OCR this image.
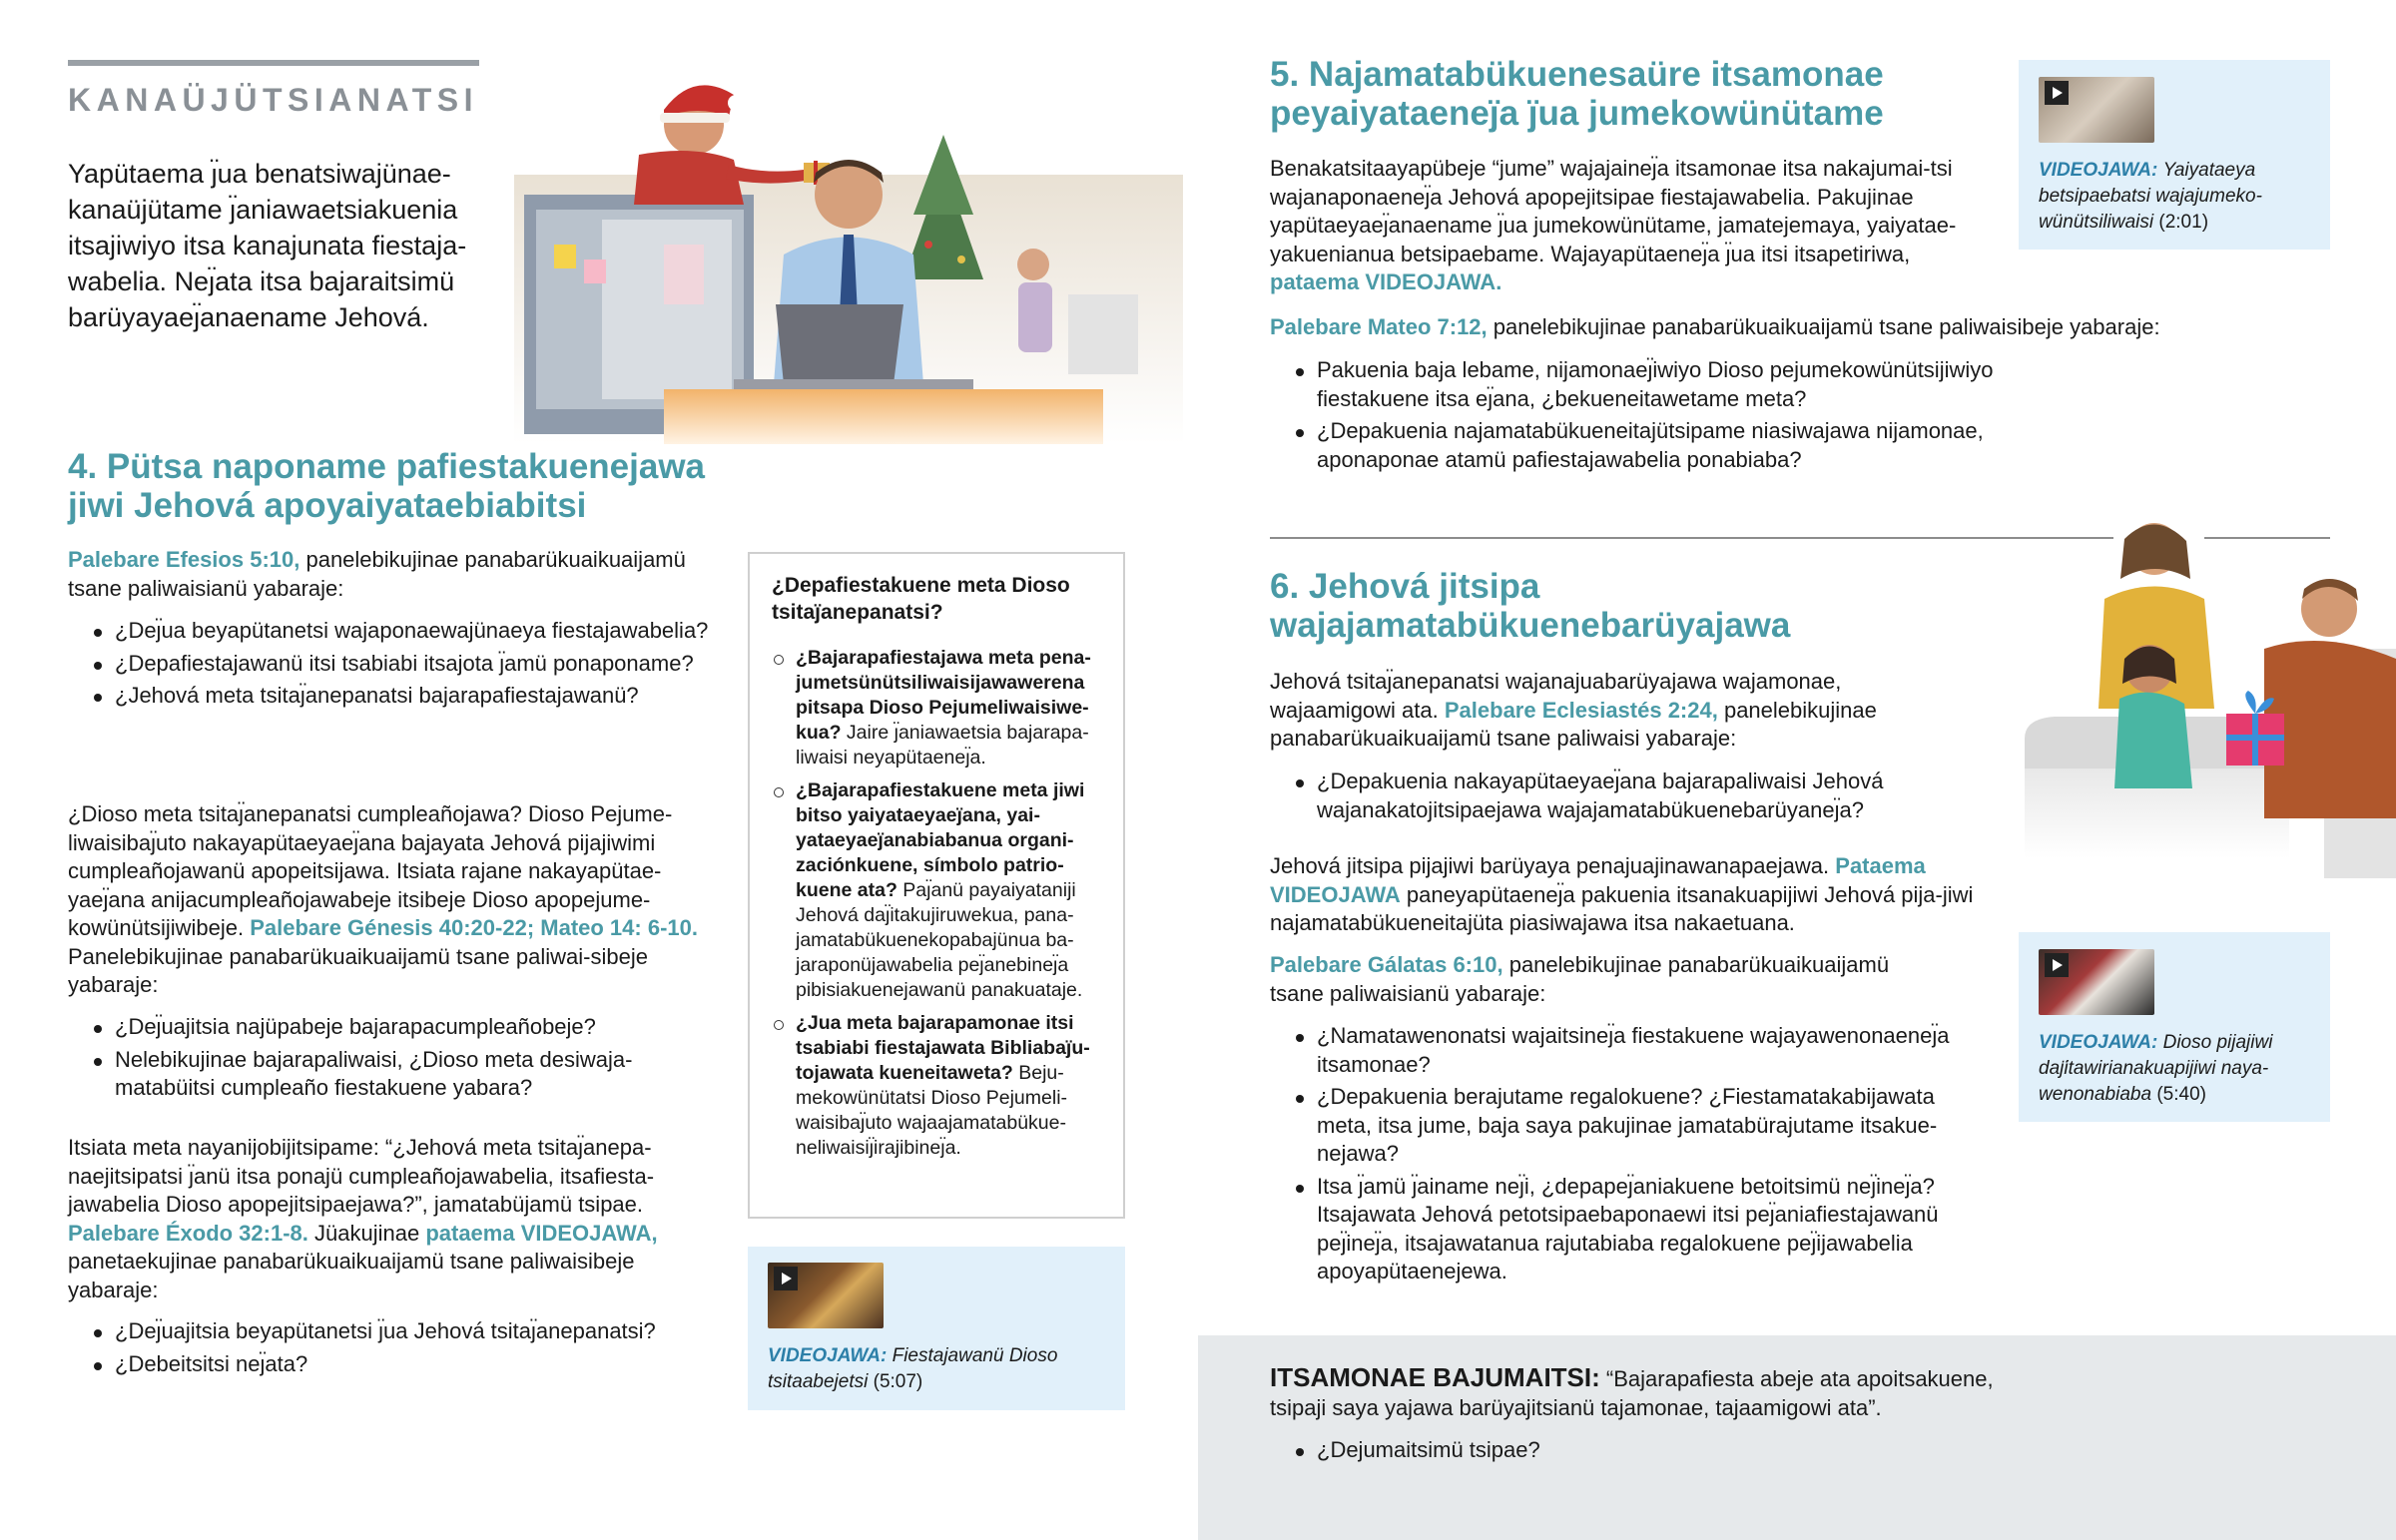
KANAÜJÜTSIANATSI
Yapütaema ȷ̈ua benatsiwajünae-kanaüjütame ȷ̈aniawaetsiakuenia itsajiwiyo itsa kanajunata fiestaja-wabelia. Neȷ̈ata itsa bajaraitsimü barüyayaeȷ̈anaename Jehová.
4. Pütsa naponame pafiestakuenejawa jiwi Jehová apoyaiyataebiabitsi
Palebare Efesios 5:10, panelebikujinae panabarükuaikuaijamü tsane paliwaisianü yabaraje:
¿Deȷ̈ua beyapütanetsi wajaponaewajünaeya fiestajawabelia?
¿Depafiestajawanü itsi tsabiabi itsajota ȷ̈amü ponaponame?
¿Jehová meta tsitaȷ̈anepanatsi bajarapafiestajawanü?
¿Dioso meta tsitaȷ̈anepanatsi cumpleañojawa? Dioso Pejume-liwaisibaȷ̈uto nakayapütaeyaeȷ̈ana bajayata Jehová pijajiwimi cumpleañojawanü apopeitsijawa. Itsiata rajane nakayapütae-yaeȷ̈ana anijacumpleañojawabeje itsibeje Dioso apopejume-kowünütsijiwibeje. Palebare Génesis 40:20-22; Mateo 14: 6-10. Panelebikujinae panabarükuaikuaijamü tsane paliwai-sibeje yabaraje:
¿Deȷ̈uajitsia najüpabeje bajarapacumpleañobeje?
Nelebikujinae bajarapaliwaisi, ¿Dioso meta desiwaja-matabüitsi cumpleaño fiestakuene yabara?
Itsiata meta nayanijobijitsipame: “¿Jehová meta tsitaȷ̈anepa-naejitsipatsi ȷ̈anü itsa ponajü cumpleañojawabelia, itsafiesta-jawabelia Dioso apopejitsipaejawa?”, jamatabüjamü tsipae. Palebare Éxodo 32:1-8. Jüakujinae pataema VIDEOJAWA, panetaekujinae panabarükuaikuaijamü tsane paliwaisibeje yabaraje:
¿Deȷ̈uajitsia beyapütanetsi ȷ̈ua Jehová tsitaȷ̈anepanatsi?
¿Debeitsitsi neȷ̈ata?
¿Depafiestakuene meta Dioso tsitaȷ̈anepanatsi?
¿Bajarapafiestajawa meta pena-jumetsünütsiliwaisijawawerena pitsapa Dioso Pejumeliwaisiwe-kua? Jaire ȷ̈aniawaetsia bajarapa-liwaisi neyapütaeneȷ̈a.
¿Bajarapafiestakuene meta jiwi bitso yaiyataeyaeȷ̈ana, yai-yataeyaeȷ̈anabiabanua organi-zaciónkuene, símbolo patrio-kuene ata? Paȷ̈anü payaiyataniji Jehová daȷ̈itakujiruwekua, pana-jamatabükuenekopabajünua ba-jaraponüjawabelia peȷ̈anebineȷ̈a pibisiakuenejawanü panakuataje.
¿Jua meta bajarapamonae itsi tsabiabi fiestajawata Bibliabaȷ̈u-tojawata kueneitaweta? Beju-mekowünütatsi Dioso Pejumeli-waisibaȷ̈uto wajaajamatabükue-neliwaisiȷ̈irajibineȷ̈a.
VIDEOJAWA: Fiestajawanü Dioso tsitaabejetsi (5:07)
5. Najamatabükuenesaüre itsamonae peyaiyataeneȷ̈a ȷ̈ua jumekowünütame
Benakatsitaayapübeje “jume” wajajaineȷ̈a itsamonae itsa nakajumai-tsi wajanaponaeneȷ̈a Jehová apopejitsipae fiestajawabelia. Pakujinae yapütaeyaeȷ̈anaename ȷ̈ua jumekowünütame, jamatejemaya, yaiyatae-yakuenianua betsipaebame. Wajayapütaeneȷ̈a ȷ̈ua itsi itsapetiriwa, pataema VIDEOJAWA.
Palebare Mateo 7:12, panelebikujinae panabarükuaikuaijamü tsane paliwaisibeje yabaraje:
Pakuenia baja lebame, nijamonaeȷ̈iwiyo Dioso pejumekowünütsijiwiyo fiestakuene itsa eȷ̈ana, ¿bekueneitawetame meta?
¿Depakuenia najamatabükueneitajütsipame niasiwajawa nijamonae, aponaponae atamü pafiestajawabelia ponabiaba?
VIDEOJAWA: Yaiyataeya betsipaebatsi wajajumeko-wünütsiliwaisi (2:01)
6. Jehová jitsipa wajajamatabükuenebarüyajawa
Jehová tsitaȷ̈anepanatsi wajanajuabarüyajawa wajamonae, wajaamigowi ata. Palebare Eclesiastés 2:24, panelebikujinae panabarükuaikuaijamü tsane paliwaisi yabaraje:
¿Depakuenia nakayapütaeyaeȷ̈ana bajarapaliwaisi Jehová wajanakatojitsipaejawa wajajamatabükuenebarüyaneȷ̈a?
Jehová jitsipa pijajiwi barüyaya penajuajinawanapaejawa. Pataema VIDEOJAWA paneyapütaeneȷ̈a pakuenia itsanakuapijiwi Jehová pija-jiwi najamatabükueneitajüta piasiwajawa itsa nakaetuana.
Palebare Gálatas 6:10, panelebikujinae panabarükuaikuaijamü tsane paliwaisianü yabaraje:
¿Namatawenonatsi wajaitsineȷ̈a fiestakuene wajayawenonaeneȷ̈a itsamonae?
¿Depakuenia berajutame regalokuene? ¿Fiestamatakabijawata meta, itsa jume, baja saya pakujinae jamatabürajutame itsakue-nejawa?
Itsa ȷ̈amü ȷ̈ainame neȷ̈i, ¿depapeȷ̈aniakuene betoitsimü neȷ̈ineȷ̈a? Itsajawata Jehová petotsipaebaponaewi itsi peȷ̈aniafiestajawanü peȷ̈ineȷ̈a, itsajawatanua rajutabiaba regalokuene peȷ̈ijawabelia apoyapütaenejewa.
VIDEOJAWA: Dioso pijajiwi daȷ̈itawirianakuapijiwi naya-wenonabiaba (5:40)
ITSAMONAE BAJUMAITSI: “Bajarapafiesta abeje ata apoitsakuene, tsipaji saya yajawa barüyajitsianü tajamonae, tajaamigowi ata”.
¿Dejumaitsimü tsipae?
